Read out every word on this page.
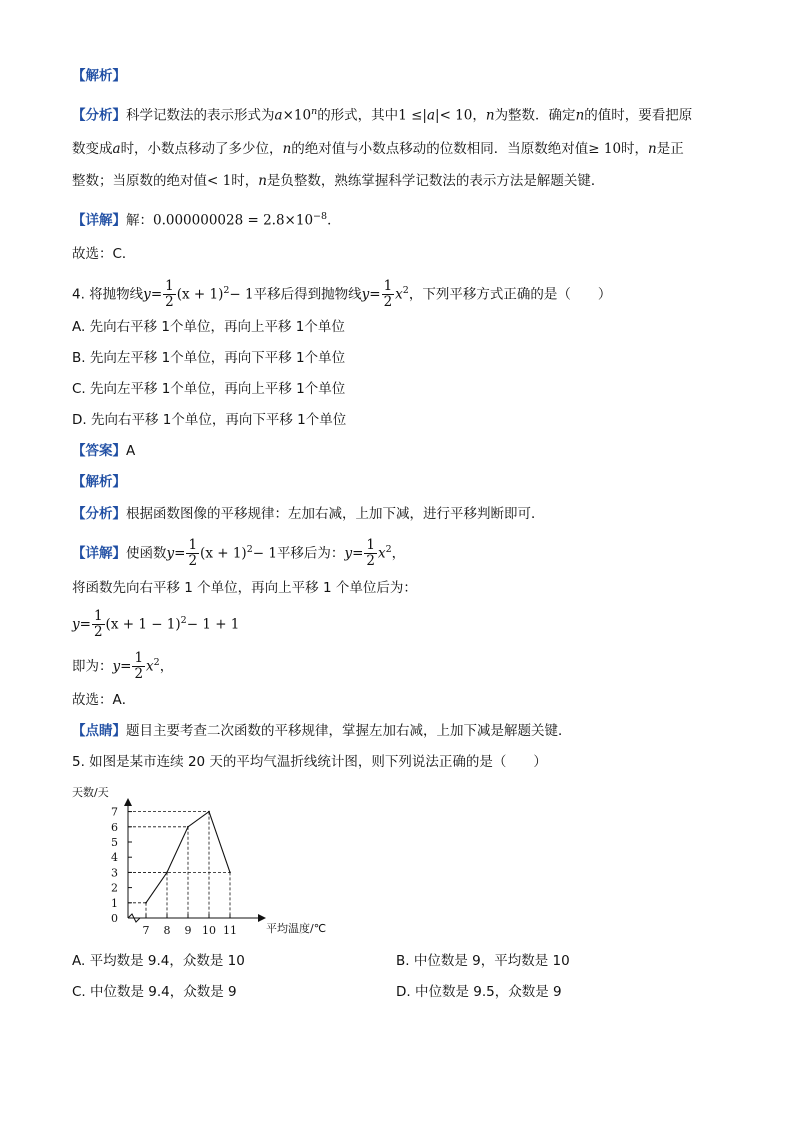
【解析】
【分析】科学记数法的表示形式为$a\times 10^n$的形式，其中1 ≤|a|< 10，n为整数．确定n的值时，要看把原
数变成a时，小数点移动了多少位，n的绝对值与小数点移动的位数相同．当原数绝对值≥ 10时，n是正
整数；当原数的绝对值< 1时，n是负整数，熟练掌握科学记数法的表示方法是解题关键．
【详解】解：$0.000000028 = 2.8\times 10^{-8}$．
故选：C．
4. 将抛物线$y= \frac{1}{2} (x + 1)^2- 1$平移后得到抛物线$y= \frac{1}{2} x^2$，下列平移方式正确的是（　　）
A. 先向右平移 1个单位，再向上平移 1个单位
B. 先向左平移 1个单位，再向下平移 1个单位
C. 先向左平移 1个单位，再向上平移 1个单位
D. 先向右平移 1个单位，再向下平移 1个单位
【答案】A
【解析】
【分析】根据函数图像的平移规律：左加右减，上加下减，进行平移判断即可．
【详解】使函数$y= \frac{1}{2} (x + 1)^2- 1$平移后为：$y= \frac{1}{2} x^2$，
将函数先向右平移 1 个单位，再向上平移 1 个单位后为：
$y= \frac{1}{2} (x + 1 - 1)^2- 1 + 1$
即为：$y= \frac{1}{2} x^2$，
故选：A．
【点睛】题目主要考查二次函数的平移规律，掌握左加右减，上加下减是解题关键．
5. 如图是某市连续 20 天的平均气温折线统计图，则下列说法正确的是（　　）
天数/天
平均温度/℃
0
1
2
3
4
5
6
7
7 8 9 10 11
A. 平均数是 9.4，众数是 10	B. 中位数是 9，平均数是 10
C. 中位数是 9.4，众数是 9	D. 中位数是 9.5，众数是 9
